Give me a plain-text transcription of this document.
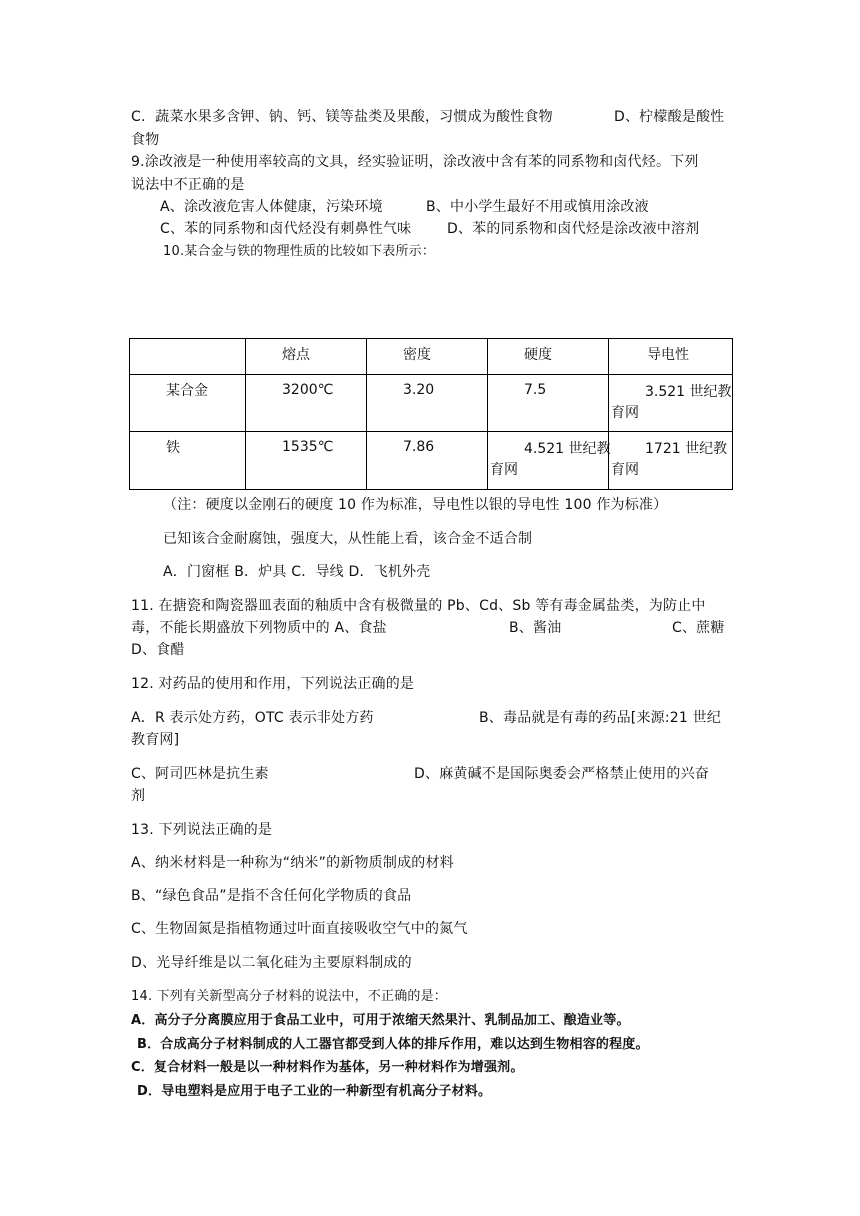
C．蔬菜水果多含钾、钠、钙、镁等盐类及果酸，习惯成为酸性食物	D、柠檬酸是酸性
食物
9.涂改液是一种使用率较高的文具，经实验证明，涂改液中含有苯的同系物和卤代烃。下列
说法中不正确的是
A、涂改液危害人体健康，污染环境	B、中小学生最好不用或慎用涂改液
C、苯的同系物和卤代烃没有刺鼻性气味	D、苯的同系物和卤代烃是涂改液中溶剂
10.某合金与铁的物理性质的比较如下表所示：

	熔点	密度	硬度	导电性

某合金	3200℃	3.20	7.5	3.521 世纪教
育网

铁	1535℃	7.86	4.521 世纪教
育网	1721 世纪教
育网
（注：硬度以金刚石的硬度 10 作为标准，导电性以银的导电性 100 作为标准）
已知该合金耐腐蚀，强度大，从性能上看，该合金不适合制
A．门窗框 B．炉具 C．导线 D．飞机外壳
11. 在搪瓷和陶瓷器皿表面的釉质中含有极微量的 Pb、Cd、Sb 等有毒金属盐类，为防止中
毒，不能长期盛放下列物质中的 A、食盐	B、酱油	C、蔗糖
D、食醋
12. 对药品的使用和作用，下列说法正确的是
A．R 表示处方药，OTC 表示非处方药	B、毒品就是有毒的药品[来源:21 世纪
教育网]
C、阿司匹林是抗生素	D、麻黄碱不是国际奥委会严格禁止使用的兴奋
剂
13. 下列说法正确的是
A、纳米材料是一种称为“纳米”的新物质制成的材料
B、“绿色食品”是指不含任何化学物质的食品
C、生物固氮是指植物通过叶面直接吸收空气中的氮气
D、光导纤维是以二氧化硅为主要原料制成的
14. 下列有关新型高分子材料的说法中，不正确的是：
A．高分子分离膜应用于食品工业中，可用于浓缩天然果汁、乳制品加工、酿造业等。
B．合成高分子材料制成的人工器官都受到人体的排斥作用，难以达到生物相容的程度。
C．复合材料一般是以一种材料作为基体，另一种材料作为增强剂。
D．导电塑料是应用于电子工业的一种新型有机高分子材料。
